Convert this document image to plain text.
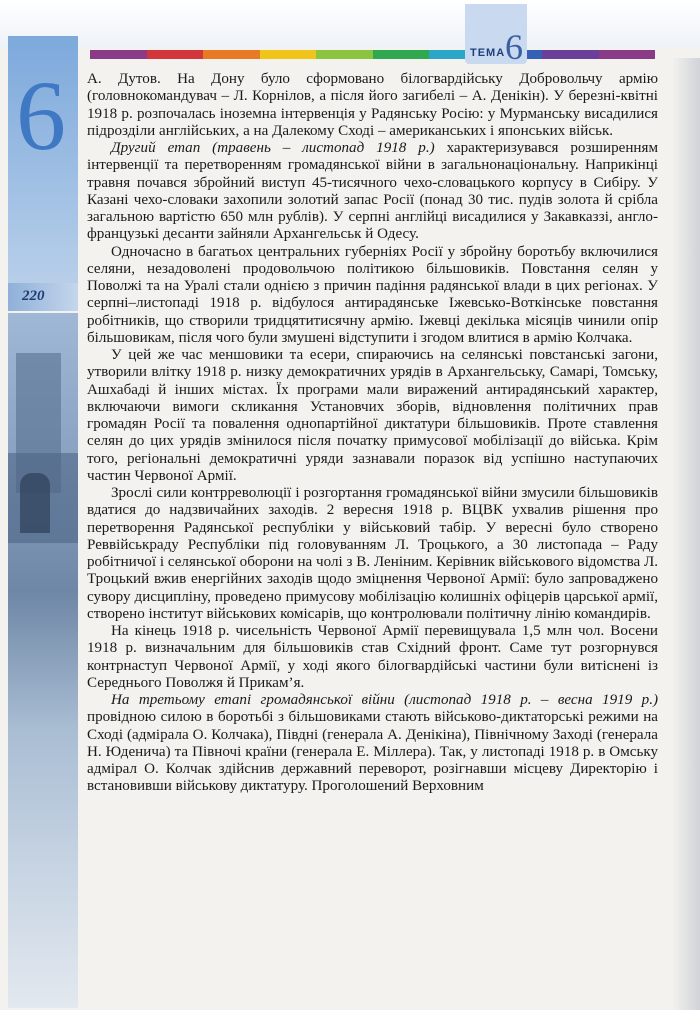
ТЕМА 6
6
220

А. Дутов. На Дону було сформовано білогвардійську Добровольчу армію (головнокомандувач – Л. Корнілов, а після його загибелі – А. Денікін). У березні-квітні 1918 р. розпочалась іноземна інтервенція у Радянську Росію: у Мурманську висадилися підрозділи англійських, а на Далекому Сході – американських і японських військ.

Другий етап (травень – листопад 1918 р.) характеризувався розширенням інтервенції та перетворенням громадянської війни в загальнонаціональну. Наприкінці травня почався збройний виступ 45-тисячного чехо-словацького корпусу в Сибіру. У Казані чехо-словаки захопили золотий запас Росії (понад 30 тис. пудів золота й срібла загальною вартістю 650 млн рублів). У серпні англійці висадилися у Закавказзі, англо-французькі десанти зайняли Архангельськ й Одесу.

Одночасно в багатьох центральних губерніях Росії у збройну боротьбу включилися селяни, незадоволені продовольчою політикою більшовиків. Повстання селян у Поволжі та на Уралі стали однією з причин падіння радянської влади в цих регіонах. У серпні–листопаді 1918 р. відбулося антирадянське Іжевсько-Воткінське повстання робітників, що створили тридцятитисячну армію. Іжевці декілька місяців чинили опір більшовикам, після чого були змушені відступити і згодом влитися в армію Колчака.

У цей же час меншовики та есери, спираючись на селянські повстанські загони, утворили влітку 1918 р. низку демократичних урядів в Архангельську, Самарі, Томську, Ашхабаді й інших містах. Їх програми мали виражений антирадянський характер, включаючи вимоги скликання Установчих зборів, відновлення політичних прав громадян Росії та повалення однопартійної диктатури більшовиків. Проте ставлення селян до цих урядів змінилося після початку примусової мобілізації до війська. Крім того, регіональні демократичні уряди зазнавали поразок від успішно наступаючих частин Червоної Армії.

Зрослі сили контрреволюції і розгортання громадянської війни змусили більшовиків вдатися до надзвичайних заходів. 2 вересня 1918 р. ВЦВК ухвалив рішення про перетворення Радянської республіки у військовий табір. У вересні було створено Реввійськраду Республіки під головуванням Л. Троцького, а 30 листопада – Раду робітничої і селянської оборони на чолі з В. Леніним. Керівник військового відомства Л. Троцький вжив енергійних заходів щодо зміцнення Червоної Армії: було запроваджено сувору дисципліну, проведено примусову мобілізацію колишніх офіцерів царської армії, створено інститут військових комісарів, що контролювали політичну лінію командирів.

На кінець 1918 р. чисельність Червоної Армії перевищувала 1,5 млн чол. Восени 1918 р. визначальним для більшовиків став Східний фронт. Саме тут розгорнувся контрнаступ Червоної Армії, у ході якого білогвардійські частини були витіснені із Середнього Поволжя й Прикам’я.

На третьому етапі громадянської війни (листопад 1918 р. – весна 1919 р.) провідною силою в боротьбі з більшовиками стають військово-диктаторські режими на Сході (адмірала О. Колчака), Півдні (генерала А. Денікіна), Північному Заході (генерала Н. Юденича) та Півночі країни (генерала Е. Міллера). Так, у листопаді 1918 р. в Омську адмірал О. Колчак здійснив державний переворот, розігнавши місцеву Директорію і встановивши військову диктатуру. Проголошений Верховним
